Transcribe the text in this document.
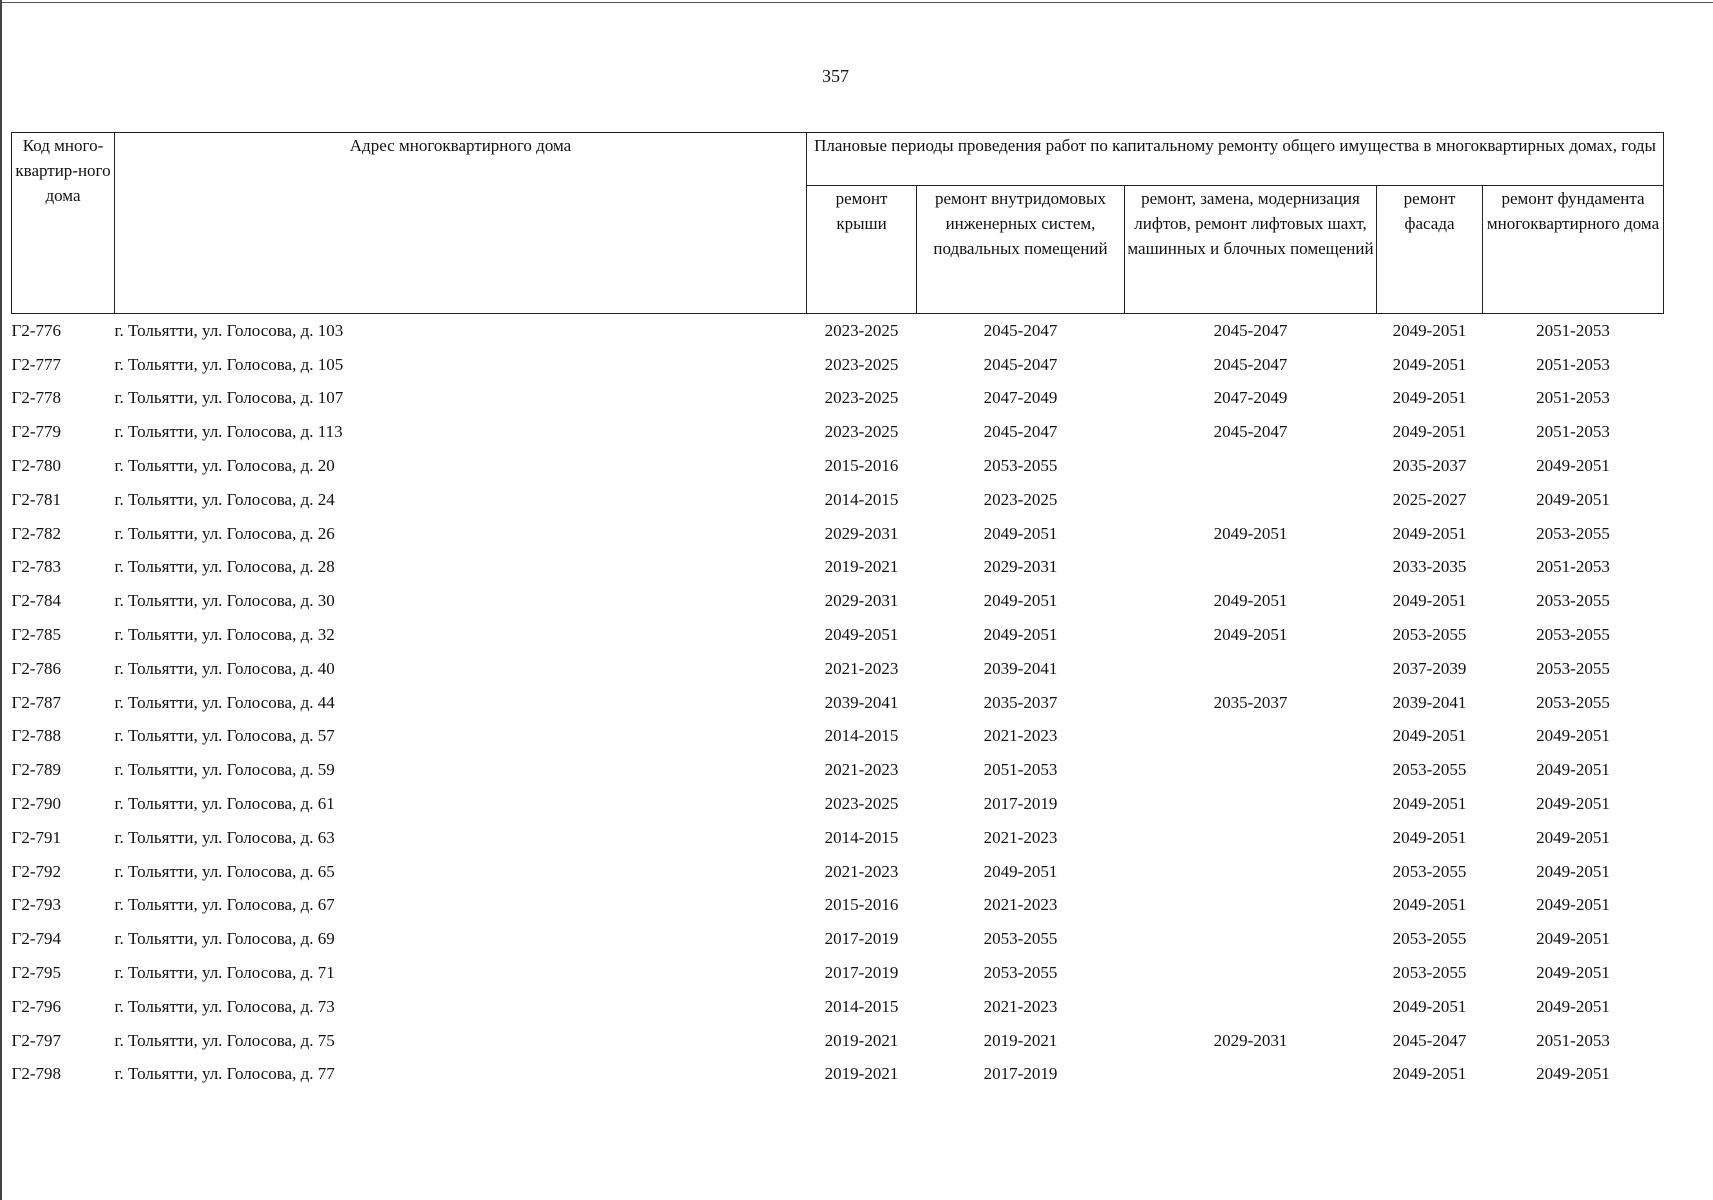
357
Код много-квартир-ного дома	Адрес многоквартирного дома	Плановые периоды проведения работ по капитальному ремонту общего имущества в многоквартирных домах, годы				
		ремонт крыши	ремонт внутридомовых инженерных систем, подвальных помещений	ремонт, замена, модернизация лифтов, ремонт лифтовых шахт, машинных и блочных помещений	ремонт фасада	ремонт фундамента многоквартирного дома
Г2-776	г. Тольятти, ул. Голосова, д. 103	2023-2025	2045-2047	2045-2047	2049-2051	2051-2053
Г2-777	г. Тольятти, ул. Голосова, д. 105	2023-2025	2045-2047	2045-2047	2049-2051	2051-2053
Г2-778	г. Тольятти, ул. Голосова, д. 107	2023-2025	2047-2049	2047-2049	2049-2051	2051-2053
Г2-779	г. Тольятти, ул. Голосова, д. 113	2023-2025	2045-2047	2045-2047	2049-2051	2051-2053
Г2-780	г. Тольятти, ул. Голосова, д. 20	2015-2016	2053-2055		2035-2037	2049-2051
Г2-781	г. Тольятти, ул. Голосова, д. 24	2014-2015	2023-2025		2025-2027	2049-2051
Г2-782	г. Тольятти, ул. Голосова, д. 26	2029-2031	2049-2051	2049-2051	2049-2051	2053-2055
Г2-783	г. Тольятти, ул. Голосова, д. 28	2019-2021	2029-2031		2033-2035	2051-2053
Г2-784	г. Тольятти, ул. Голосова, д. 30	2029-2031	2049-2051	2049-2051	2049-2051	2053-2055
Г2-785	г. Тольятти, ул. Голосова, д. 32	2049-2051	2049-2051	2049-2051	2053-2055	2053-2055
Г2-786	г. Тольятти, ул. Голосова, д. 40	2021-2023	2039-2041		2037-2039	2053-2055
Г2-787	г. Тольятти, ул. Голосова, д. 44	2039-2041	2035-2037	2035-2037	2039-2041	2053-2055
Г2-788	г. Тольятти, ул. Голосова, д. 57	2014-2015	2021-2023		2049-2051	2049-2051
Г2-789	г. Тольятти, ул. Голосова, д. 59	2021-2023	2051-2053		2053-2055	2049-2051
Г2-790	г. Тольятти, ул. Голосова, д. 61	2023-2025	2017-2019		2049-2051	2049-2051
Г2-791	г. Тольятти, ул. Голосова, д. 63	2014-2015	2021-2023		2049-2051	2049-2051
Г2-792	г. Тольятти, ул. Голосова, д. 65	2021-2023	2049-2051		2053-2055	2049-2051
Г2-793	г. Тольятти, ул. Голосова, д. 67	2015-2016	2021-2023		2049-2051	2049-2051
Г2-794	г. Тольятти, ул. Голосова, д. 69	2017-2019	2053-2055		2053-2055	2049-2051
Г2-795	г. Тольятти, ул. Голосова, д. 71	2017-2019	2053-2055		2053-2055	2049-2051
Г2-796	г. Тольятти, ул. Голосова, д. 73	2014-2015	2021-2023		2049-2051	2049-2051
Г2-797	г. Тольятти, ул. Голосова, д. 75	2019-2021	2019-2021	2029-2031	2045-2047	2051-2053
Г2-798	г. Тольятти, ул. Голосова, д. 77	2019-2021	2017-2019		2049-2051	2049-2051
